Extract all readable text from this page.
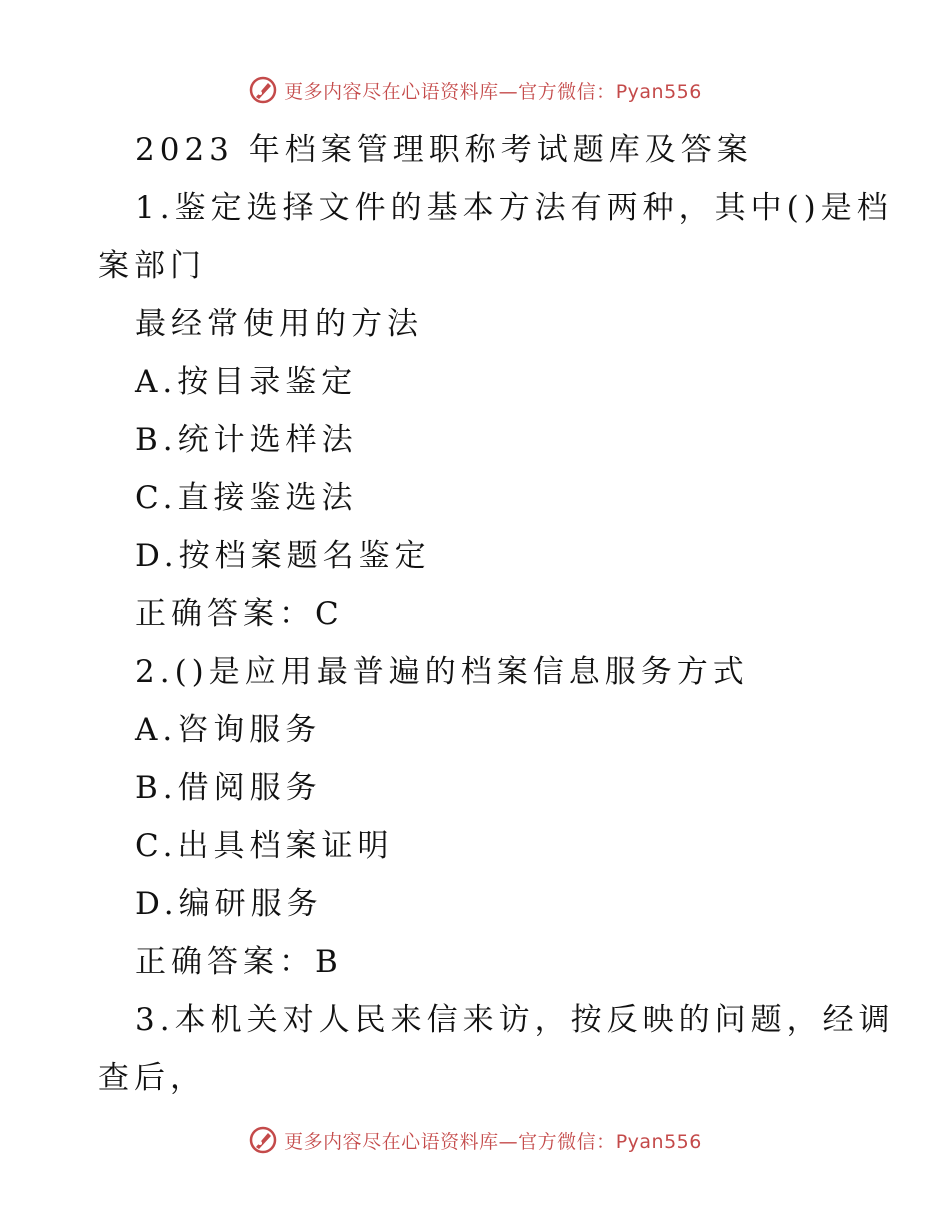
更多内容尽在心语资料库—官方微信：Pyan556
2023 年档案管理职称考试题库及答案
1.鉴定选择文件的基本方法有两种，其中()是档
案部门
最经常使用的方法
A.按目录鉴定
B.统计选样法
C.直接鉴选法
D.按档案题名鉴定
正确答案：C
2.()是应用最普遍的档案信息服务方式
A.咨询服务
B.借阅服务
C.出具档案证明
D.编研服务
正确答案：B
3.本机关对人民来信来访，按反映的问题，经调
查后，
更多内容尽在心语资料库—官方微信：Pyan556
